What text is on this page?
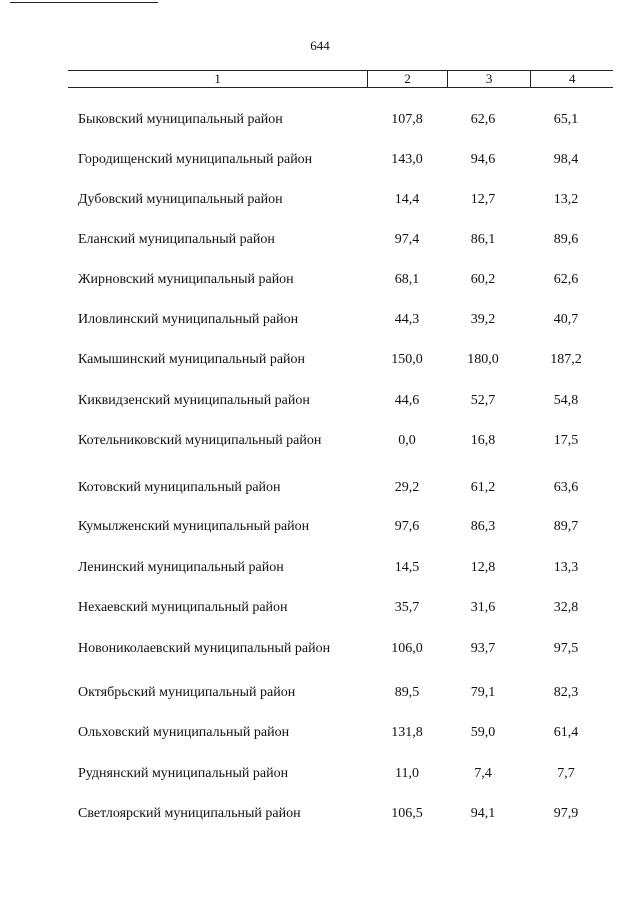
644
1	2	3	4
Быковский муниципальный район	107,8	62,6	65,1
Городищенский муниципальный район	143,0	94,6	98,4
Дубовский муниципальный район	14,4	12,7	13,2
Еланский муниципальный район	97,4	86,1	89,6
Жирновский муниципальный район	68,1	60,2	62,6
Иловлинский муниципальный район	44,3	39,2	40,7
Камышинский муниципальный район	150,0	180,0	187,2
Киквидзенский муниципальный район	44,6	52,7	54,8
Котельниковский муниципальный район	0,0	16,8	17,5
Котовский муниципальный район	29,2	61,2	63,6
Кумылженский муниципальный район	97,6	86,3	89,7
Ленинский муниципальный район	14,5	12,8	13,3
Нехаевский муниципальный район	35,7	31,6	32,8
Новониколаевский муниципальный район	106,0	93,7	97,5
Октябрьский муниципальный район	89,5	79,1	82,3
Ольховский муниципальный район	131,8	59,0	61,4
Руднянский муниципальный район	11,0	7,4	7,7
Светлоярский муниципальный район	106,5	94,1	97,9
